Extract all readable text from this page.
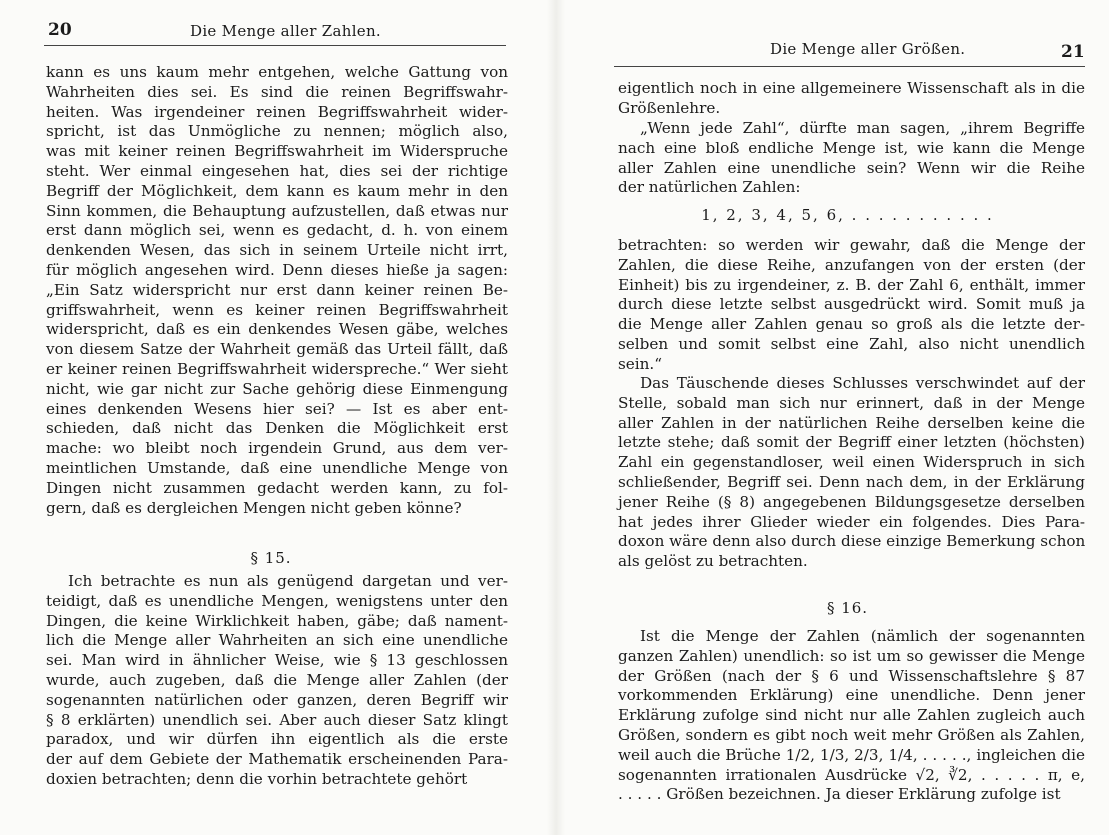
20	Die Menge aller Zahlen.
kann es uns kaum mehr entgehen, welche Gattung von
Wahrheiten dies sei. Es sind die reinen Begriffswahr-
heiten. Was irgendeiner reinen Begriffswahrheit wider-
spricht, ist das Unmögliche zu nennen; möglich also,
was mit keiner reinen Begriffswahrheit im Widerspruche
steht. Wer einmal eingesehen hat, dies sei der richtige
Begriff der Möglichkeit, dem kann es kaum mehr in den
Sinn kommen, die Behauptung aufzustellen, daß etwas nur
erst dann möglich sei, wenn es gedacht, d. h. von einem
denkenden Wesen, das sich in seinem Urteile nicht irrt,
für möglich angesehen wird. Denn dieses hieße ja sagen:
„Ein Satz widerspricht nur erst dann keiner reinen Be-
griffswahrheit, wenn es keiner reinen Begriffswahrheit
widerspricht, daß es ein denkendes Wesen gäbe, welches
von diesem Satze der Wahrheit gemäß das Urteil fällt, daß
er keiner reinen Begriffswahrheit widerspreche.“ Wer sieht
nicht, wie gar nicht zur Sache gehörig diese Einmengung
eines denkenden Wesens hier sei? — Ist es aber ent-
schieden, daß nicht das Denken die Möglichkeit erst
mache: wo bleibt noch irgendein Grund, aus dem ver-
meintlichen Umstande, daß eine unendliche Menge von
Dingen nicht zusammen gedacht werden kann, zu fol-
gern, daß es dergleichen Mengen nicht geben könne?
§ 15.
Ich betrachte es nun als genügend dargetan und ver-
teidigt, daß es unendliche Mengen, wenigstens unter den
Dingen, die keine Wirklichkeit haben, gäbe; daß nament-
lich die Menge aller Wahrheiten an sich eine unendliche
sei. Man wird in ähnlicher Weise, wie § 13 geschlossen
wurde, auch zugeben, daß die Menge aller Zahlen (der
sogenannten natürlichen oder ganzen, deren Begriff wir
§ 8 erklärten) unendlich sei. Aber auch dieser Satz klingt
paradox, und wir dürfen ihn eigentlich als die erste
der auf dem Gebiete der Mathematik erscheinenden Para-
doxien betrachten; denn die vorhin betrachtete gehört
Die Menge aller Größen.	21
eigentlich noch in eine allgemeinere Wissenschaft als in die
Größenlehre.
„Wenn jede Zahl“, dürfte man sagen, „ihrem Begriffe
nach eine bloß endliche Menge ist, wie kann die Menge
aller Zahlen eine unendliche sein? Wenn wir die Reihe
der natürlichen Zahlen:
1, 2, 3, 4, 5, 6, . . . . . . . . . . .
betrachten: so werden wir gewahr, daß die Menge der
Zahlen, die diese Reihe, anzufangen von der ersten (der
Einheit) bis zu irgendeiner, z. B. der Zahl 6, enthält, immer
durch diese letzte selbst ausgedrückt wird. Somit muß ja
die Menge aller Zahlen genau so groß als die letzte der-
selben und somit selbst eine Zahl, also nicht unendlich
sein.“
Das Täuschende dieses Schlusses verschwindet auf der
Stelle, sobald man sich nur erinnert, daß in der Menge
aller Zahlen in der natürlichen Reihe derselben keine die
letzte stehe; daß somit der Begriff einer letzten (höchsten)
Zahl ein gegenstandloser, weil einen Widerspruch in sich
schließender, Begriff sei. Denn nach dem, in der Erklärung
jener Reihe (§ 8) angegebenen Bildungsgesetze derselben
hat jedes ihrer Glieder wieder ein folgendes. Dies Para-
doxon wäre denn also durch diese einzige Bemerkung schon
als gelöst zu betrachten.
§ 16.
Ist die Menge der Zahlen (nämlich der sogenannten
ganzen Zahlen) unendlich: so ist um so gewisser die Menge
der Größen (nach der § 6 und Wissenschaftslehre § 87
vorkommenden Erklärung) eine unendliche. Denn jener
Erklärung zufolge sind nicht nur alle Zahlen zugleich auch
Größen, sondern es gibt noch weit mehr Größen als Zahlen,
weil auch die Brüche 1/2, 1/3, 2/3, 1/4, . . . . ., ingleichen die
sogenannten irrationalen Ausdrücke √2, ∛2, . . . . . π, e,
. . . . . Größen bezeichnen. Ja dieser Erklärung zufolge ist
